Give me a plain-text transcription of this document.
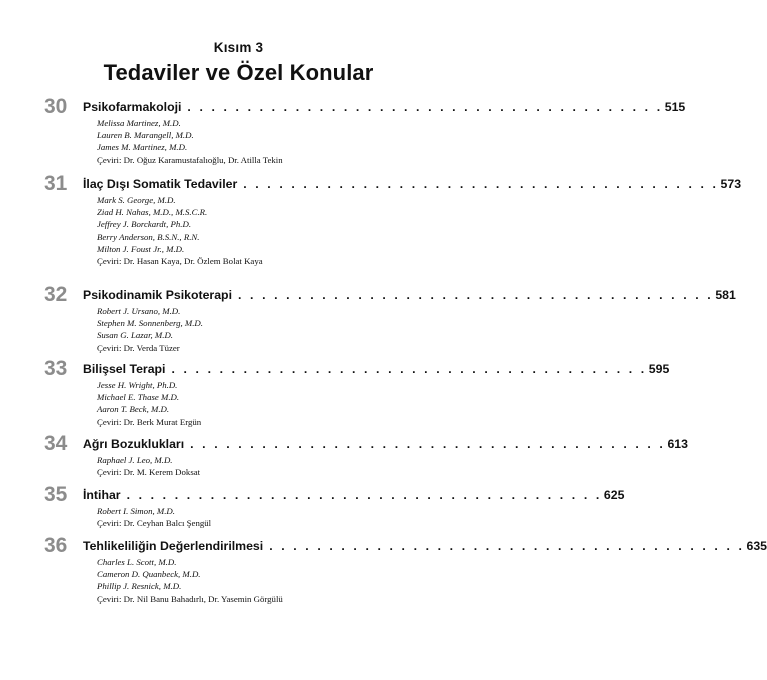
Kısım 3
Tedaviler ve Özel Konular
30 Psikofarmakoloji . . . . . . . . . . . . . . . . . . . . . . . . . . . . . . . . . . . . . . . . 515
Melissa Martinez, M.D.
Lauren B. Marangell, M.D.
James M. Martinez, M.D.
Çeviri: Dr. Oğuz Karamustafalıoğlu, Dr. Atilla Tekin
31 İlaç Dışı Somatik Tedaviler . . . . . . . . . . . . . . . . . . . . . . . . . . . . . . . . . . . . . . . . 573
Mark S. George, M.D.
Ziad H. Nahas, M.D., M.S.C.R.
Jeffrey J. Borckardt, Ph.D.
Berry Anderson, B.S.N., R.N.
Milton J. Foust Jr., M.D.
Çeviri: Dr. Hasan Kaya, Dr. Özlem Bolat Kaya
32 Psikodinamik Psikoterapi . . . . . . . . . . . . . . . . . . . . . . . . . . . . . . . . . . . . . . . . 581
Robert J. Ursano, M.D.
Stephen M. Sonnenberg, M.D.
Susan G. Lazar, M.D.
Çeviri: Dr. Verda Tüzer
33 Bilişsel Terapi . . . . . . . . . . . . . . . . . . . . . . . . . . . . . . . . . . . . . . . . 595
Jesse H. Wright, Ph.D.
Michael E. Thase M.D.
Aaron T. Beck, M.D.
Çeviri: Dr. Berk Murat Ergün
34 Ağrı Bozuklukları . . . . . . . . . . . . . . . . . . . . . . . . . . . . . . . . . . . . . . . . 613
Raphael J. Leo, M.D.
Çeviri: Dr. M. Kerem Doksat
35 İntihar . . . . . . . . . . . . . . . . . . . . . . . . . . . . . . . . . . . . . . . . 625
Robert I. Simon, M.D.
Çeviri: Dr. Ceyhan Balcı Şengül
36 Tehlikeliliğin Değerlendirilmesi . . . . . . . . . . . . . . . . . . . . . . . . . . . . . . . . . . . . . . . . 635
Charles L. Scott, M.D.
Cameron D. Quanbeck, M.D.
Phillip J. Resnick, M.D.
Çeviri: Dr. Nil Banu Bahadırlı, Dr. Yasemin Görgülü
